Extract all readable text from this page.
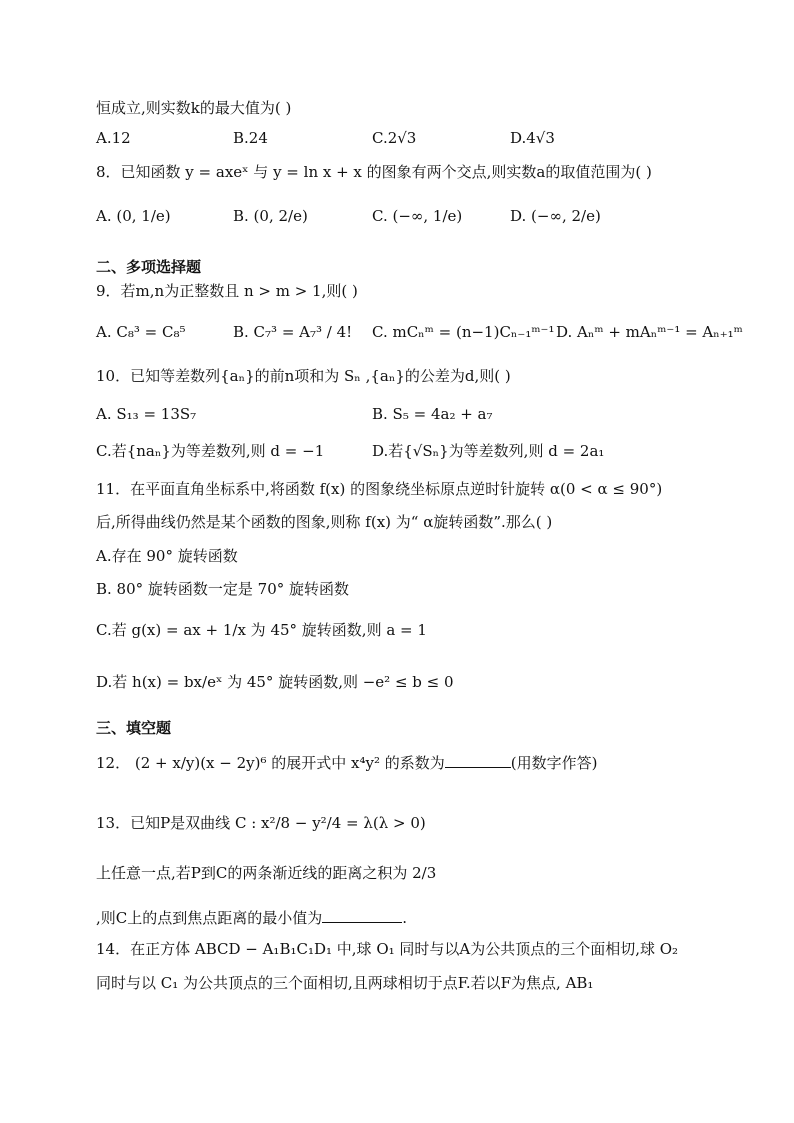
恒成立,则实数k的最大值为( )
A.12	B.24	C.2√3	D.4√3
8．已知函数 y = axeˣ 与 y = ln x + x 的图象有两个交点,则实数a的取值范围为( )
A. (0, 1/e)	B. (0, 2/e)	C. (−∞, 1/e)	D. (−∞, 2/e)
二、多项选择题
9．若m,n为正整数且 n > m > 1,则( )
A. C₈³ = C₈⁵	B. C₇³ = A₇³ / 4! C. mCₙᵐ = (n−1)Cₙ₋₁ᵐ⁻¹ D. Aₙᵐ + mAₙᵐ⁻¹ = Aₙ₊₁ᵐ
10．已知等差数列{aₙ}的前n项和为 Sₙ ,{aₙ}的公差为d,则( )
A. S₁₃ = 13S₇	B. S₅ = 4a₂ + a₇
C.若{naₙ}为等差数列,则 d = −1	D.若{√Sₙ}为等差数列,则 d = 2a₁
11．在平面直角坐标系中,将函数 f(x) 的图象绕坐标原点逆时针旋转 α(0 < α ≤ 90°)
后,所得曲线仍然是某个函数的图象,则称 f(x) 为“ α旋转函数”.那么( )
A.存在 90° 旋转函数
B. 80° 旋转函数一定是 70° 旋转函数
C.若 g(x) = ax + 1/x 为 45° 旋转函数,则 a = 1
D.若 h(x) = bx/eˣ 为 45° 旋转函数,则 −e² ≤ b ≤ 0
三、填空题
12． (2 + x/y)(x − 2y)⁶ 的展开式中 x⁴y² 的系数为	(用数字作答)
13．已知P是双曲线 C : x²/8 − y²/4 = λ(λ > 0)
上任意一点,若P到C的两条渐近线的距离之积为 2/3
,则C上的点到焦点距离的最小值为	.
14．在正方体 ABCD − A₁B₁C₁D₁ 中,球 O₁ 同时与以A为公共顶点的三个面相切,球 O₂
同时与以 C₁ 为公共顶点的三个面相切,且两球相切于点F.若以F为焦点, AB₁
